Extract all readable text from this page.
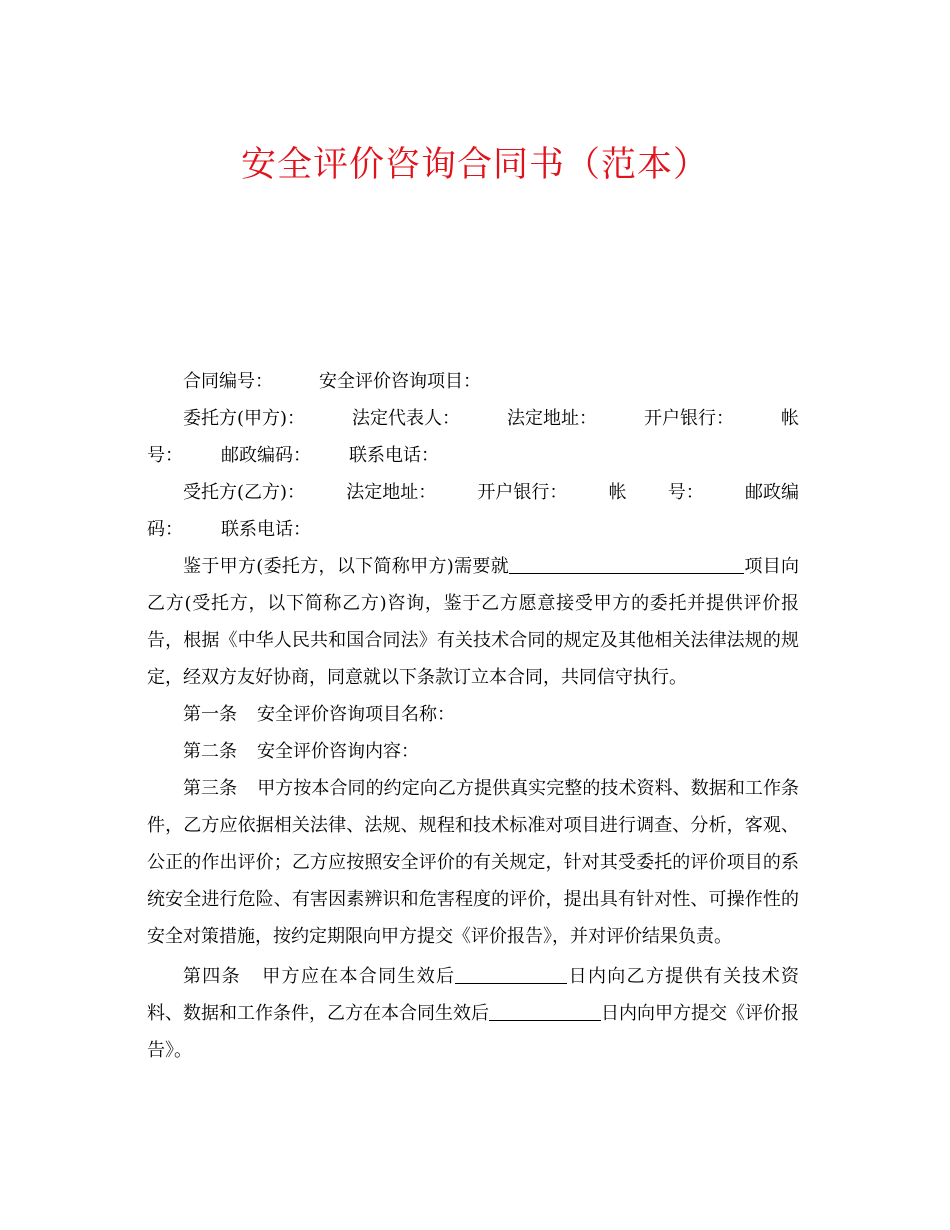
安全评价咨询合同书（范本）
合同编号：	安全评价咨询项目：
委托方(甲方)：	法定代表人：	法定地址：	开户银行：	帐
号： 邮政编码： 联系电话：
受托方(乙方)： 法定地址： 开户银行： 帐 号： 邮政编
码： 联系电话：

鉴于甲方(委托方，以下简称甲方)需要就	项目向乙方(受托方，以下简称乙方)咨询，鉴于乙方愿意接受甲方的委托并提供评价报告，根据《中华人民共和国合同法》有关技术合同的规定及其他相关法律法规的规定，经双方友好协商，同意就以下条款订立本合同，共同信守执行。

第一条 安全评价咨询项目名称：

第二条 安全评价咨询内容：

第三条 甲方按本合同的约定向乙方提供真实完整的技术资料、数据和工作条件，乙方应依据相关法律、法规、规程和技术标准对项目进行调查、分析，客观、公正的作出评价；乙方应按照安全评价的有关规定，针对其受委托的评价项目的系统安全进行危险、有害因素辨识和危害程度的评价，提出具有针对性、可操作性的安全对策措施，按约定期限向甲方提交《评价报告》，并对评价结果负责。

第四条 甲方应在本合同生效后	日内向乙方提供有关技术资料、数据和工作条件，乙方在本合同生效后	日内向甲方提交《评价报告》。
